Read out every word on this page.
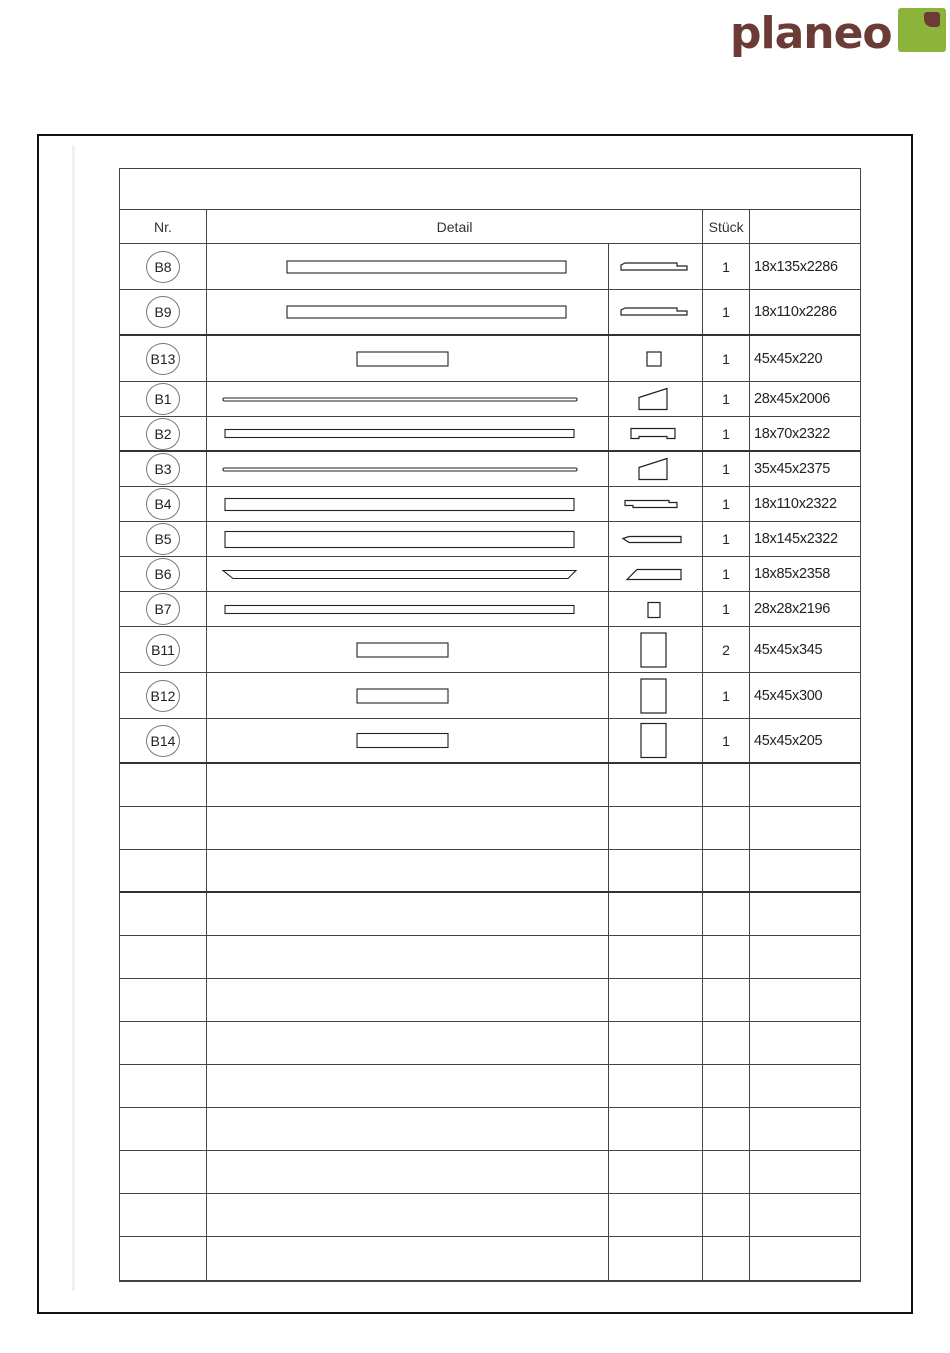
planeo
Nr.	Detail	Stück
B8	1 18x135x2286
B9	1 18x110x2286
B13	1 45x45x220
B1	1 28x45x2006
B2	1 18x70x2322
B3	1 35x45x2375
B4	1 18x110x2322
B5	1 18x145x2322
B6	1 18x85x2358
B7	1 28x28x2196
B11	2 45x45x345
B12	1 45x45x300
B14	1 45x45x205
